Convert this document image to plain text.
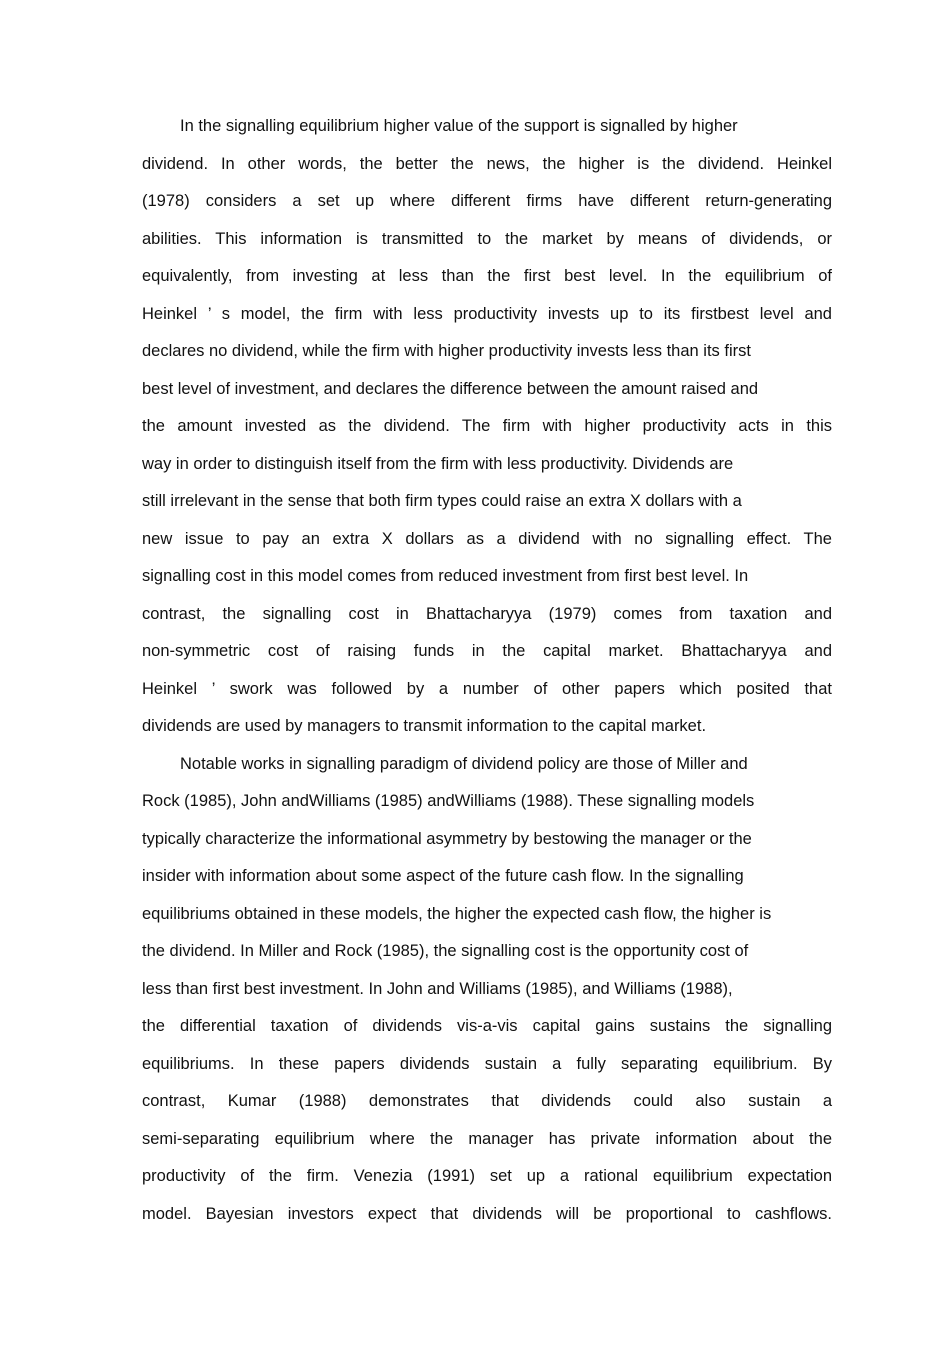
In the signalling equilibrium higher value of the support is signalled by higher
dividend. In other words, the better the news, the higher is the dividend. Heinkel
(1978) considers a set up where different firms have different return-generating
abilities. This information is transmitted to the market by means of dividends, or
equivalently, from investing at less than the first best level. In the equilibrium of
Heinkel ’ s model, the firm with less productivity invests up to its firstbest level and
declares no dividend, while the firm with higher productivity invests less than its first
best level of investment, and declares the difference between the amount raised and
the amount invested as the dividend. The firm with higher productivity acts in this
way in order to distinguish itself from the firm with less productivity. Dividends are
still irrelevant in the sense that both firm types could raise an extra X dollars with a
new issue to pay an extra X dollars as a dividend with no signalling effect. The
signalling cost in this model comes from reduced investment from first best level. In
contrast, the signalling cost in Bhattacharyya (1979) comes from taxation and
non-symmetric cost of raising funds in the capital market. Bhattacharyya and
Heinkel ’ swork was followed by a number of other papers which posited that
dividends are used by managers to transmit information to the capital market.
Notable works in signalling paradigm of dividend policy are those of Miller and
Rock (1985), John andWilliams (1985) andWilliams (1988). These signalling models
typically characterize the informational asymmetry by bestowing the manager or the
insider with information about some aspect of the future cash flow. In the signalling
equilibriums obtained in these models, the higher the expected cash flow, the higher is
the dividend. In Miller and Rock (1985), the signalling cost is the opportunity cost of
less than first best investment. In John and Williams (1985), and Williams (1988),
the differential taxation of dividends vis-a-vis capital gains sustains the signalling
equilibriums. In these papers dividends sustain a fully separating equilibrium. By
contrast, Kumar (1988) demonstrates that dividends could also sustain a
semi-separating equilibrium where the manager has private information about the
productivity of the firm. Venezia (1991) set up a rational equilibrium expectation
model. Bayesian investors expect that dividends will be proportional to cashflows.
